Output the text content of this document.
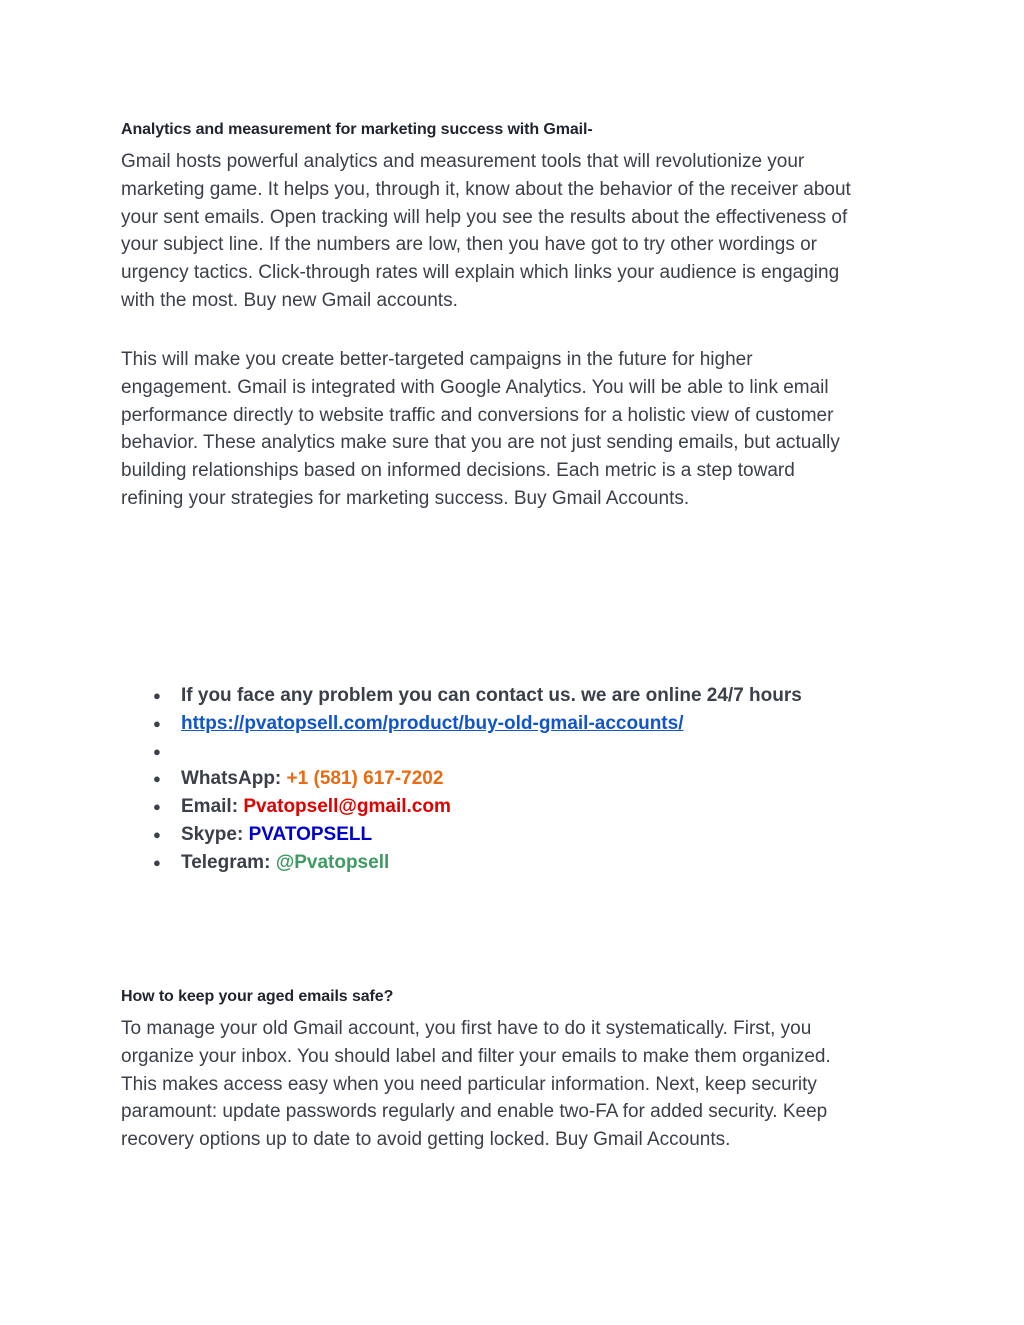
Analytics and measurement for marketing success with Gmail-

Gmail hosts powerful analytics and measurement tools that will revolutionize your
marketing game. It helps you, through it, know about the behavior of the receiver about
your sent emails. Open tracking will help you see the results about the effectiveness of
your subject line. If the numbers are low, then you have got to try other wordings or
urgency tactics. Click-through rates will explain which links your audience is engaging
with the most. Buy new Gmail accounts.

This will make you create better-targeted campaigns in the future for higher
engagement. Gmail is integrated with Google Analytics. You will be able to link email
performance directly to website traffic and conversions for a holistic view of customer
behavior. These analytics make sure that you are not just sending emails, but actually
building relationships based on informed decisions. Each metric is a step toward
refining your strategies for marketing success. Buy Gmail Accounts.

● If you face any problem you can contact us. we are online 24/7 hours
● https://pvatopsell.com/product/buy-old-gmail-accounts/
●
● WhatsApp: +1 (581) 617-7202
● Email: Pvatopsell@gmail.com
● Skype: PVATOPSELL
● Telegram: @Pvatopsell
How to keep your aged emails safe?

To manage your old Gmail account, you first have to do it systematically. First, you
organize your inbox. You should label and filter your emails to make them organized.
This makes access easy when you need particular information. Next, keep security
paramount: update passwords regularly and enable two-FA for added security. Keep
recovery options up to date to avoid getting locked. Buy Gmail Accounts.
